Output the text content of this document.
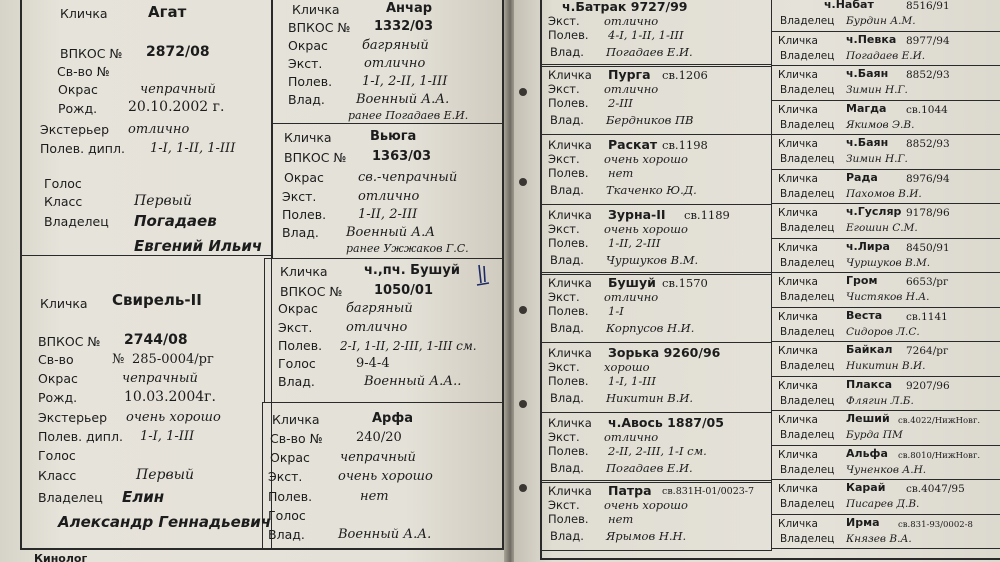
Кличка	Агат
ВПКОС № 2872/08
Св-во №
Окрас	чепрачный
Рожд. 20.10.2002 г.
Экстерьер отлично
Полев. дипл. 1-I, 1-II, 1-III
Голос
Класс	Первый
Владелец Погадаев
Евгений Ильич
Кличка Свирель-II
ВПКОС № 2744/08
Св-во	№ 285-0004/рг
Окрас	чепрачный
Рожд.	10.03.2004г.
Экстерьер очень хорошо
Полев. дипл. 1-I, 1-III
Голос
Класс	Первый
Владелец Елин
Александр Геннадьевич
Кличка	Анчар
ВПКОС № 1332/03
Окрас	багряный
Экст.	отлично
Полев. 1-I, 2-II, 1-III
Влад. Военный А.А.
ранее Погадаев Е.И.
Кличка	Вьюга
ВПКОС № 1363/03
Окрас	св.-чепрачный
Экст.	отлично
Полев. 1-II, 2-III
Влад. Военный А.А
ранее Ужжаков Г.С.
Кличка	ч.,пч. Бушуй
ВПКОС № 1050/01
Окрас багряный
Экст.	отлично
Полев. 2-I, 1-II, 2-III, 1-III см.
Голос	9-4-4
Влад.	Военный А.А..
Кличка	Арфа
Св-во №	240/20
Окрас чепрачный
Экст.	очень хорошо
Полев.	нет
Голос
Влад.	Военный А.А.
Кинолог
ч.Батрак 9727/99
Экст. отлично
Полев. 4-I, 1-II, 1-III
Влад. Погадаев Е.И.
Кличка Пурга св.1206
Экст. отлично
Полев. 2-III
Влад. Бердников ПВ
Кличка Раскат св.1198
Экст. очень хорошо
Полев. нет
Влад. Ткаченко Ю.Д.
Кличка Зурна-II св.1189
Экст. очень хорошо
Полев. 1-II, 2-III
Влад. Чуршуков В.М.
Кличка Бушуй св.1570
Экст. отлично
Полев. 1-I
Влад. Корпусов Н.И.
Кличка Зорька 9260/96
Экст. хорошо
Полев. 1-I, 1-III
Влад. Никитин В.И.
Кличка ч.Авось 1887/05
Экст. отлично
Полев. 2-II, 2-III, 1-I см.
Влад. Погадаев Е.И.
Кличка Патра св.831Н-01/0023-7
Экст. очень хорошо
Полев. нет
Влад. Ярымов Н.Н.
ч.Набат	8516/91
Владелец Бурдин А.М.
Кличка	ч.Певка 8977/94
Владелец Погадаев Е.И.
Кличка	ч.Баян 8852/93
Владелец Зимин Н.Г.
Кличка	Магда св.1044
Владелец Якимов Э.В.
Кличка	ч.Баян 8852/93
Владелец Зимин Н.Г.
Кличка	Рада	8976/94
Владелец Пахомов В.И.
Кличка	ч.Гусляр 9178/96
Владелец Егошин С.М.
Кличка	ч.Лира 8450/91
Владелец Чуршуков В.М.
Кличка	Гром	6653/рг
Владелец Чистяков Н.А.
Кличка	Веста св.1141
Владелец Сидоров Л.С.
Кличка	Байкал 7264/рг
Владелец Никитин В.И.
Кличка	Плакса 9207/96
Владелец Флягин Л.Б.
Кличка	Леший св.4022/НижНовг.
Владелец Бурда ПМ
Кличка	Альфа св.8010/НижНовг.
Владелец Чуненков А.Н.
Кличка	Карай св.4047/95
Владелец Писарев Д.В.
Кличка	Ирма св.831-93/0002-8
Владелец Князев В.А.
